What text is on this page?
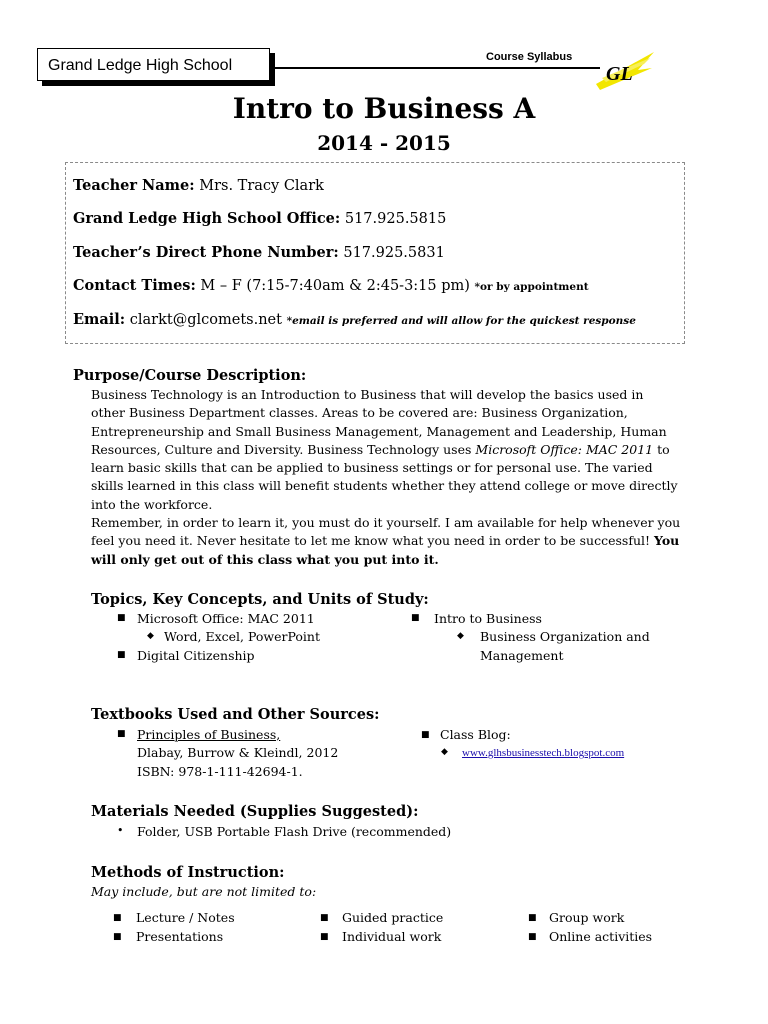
Grand Ledge High School	Course Syllabus
GL
Intro to Business A
2014 - 2015
Teacher Name: Mrs. Tracy Clark
Grand Ledge High School Office: 517.925.5815
Teacher’s Direct Phone Number: 517.925.5831
Contact Times: M – F (7:15-7:40am & 2:45-3:15 pm) *or by appointment
Email: clarkt@glcomets.net *email is preferred and will allow for the quickest response
Purpose/Course Description:

Business Technology is an Introduction to Business that will develop the basics used in other Business Department classes. Areas to be covered are: Business Organization, Entrepreneurship and Small Business Management, Management and Leadership, Human Resources, Culture and Diversity. Business Technology uses Microsoft Office: MAC 2011 to learn basic skills that can be applied to business settings or for personal use. The varied skills learned in this class will benefit students whether they attend college or move directly into the workforce.

Remember, in order to learn it, you must do it yourself. I am available for help whenever you feel you need it. Never hesitate to let me know what you need in order to be successful! You will only get out of this class what you put into it.

Topics, Key Concepts, and Units of Study:
■ Microsoft Office: MAC 2011
◆ Word, Excel, PowerPoint
■ Digital Citizenship
■ Intro to Business
◆ Business Organization and
Management
Textbooks Used and Other Sources:
■ Principles of Business,
Dlabay, Burrow & Kleindl, 2012
ISBN: 978-1-111-42694-1.
■ Class Blog:
◆ www.glhsbusinesstech.blogspot.com
Materials Needed (Supplies Suggested):
• Folder, USB Portable Flash Drive (recommended)
Methods of Instruction:
May include, but are not limited to:
■ Lecture / Notes
■ Presentations
■ Guided practice
■ Individual work
■ Group work
■ Online activities
